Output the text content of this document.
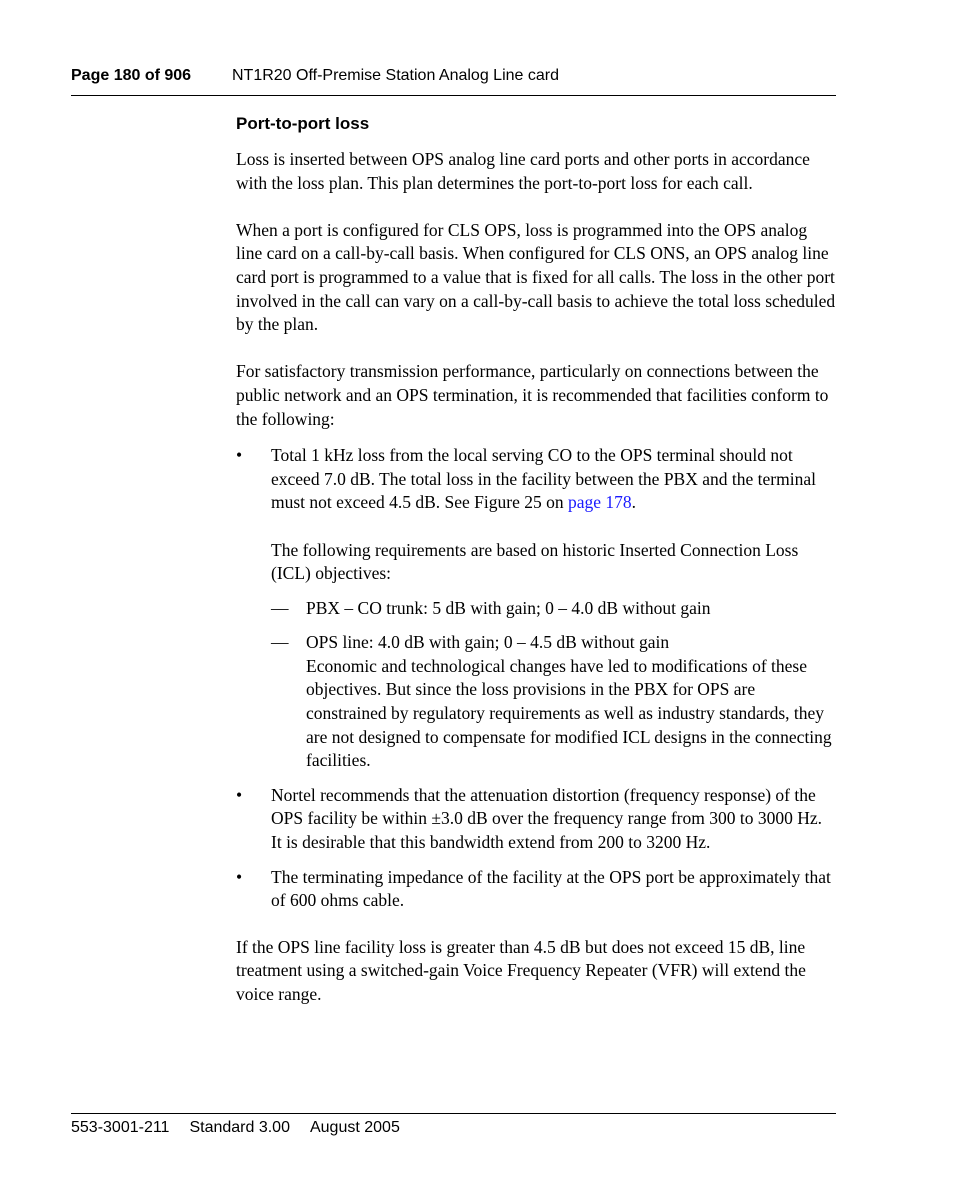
Page 180 of 906	NT1R20 Off-Premise Station Analog Line card
Port-to-port loss

Loss is inserted between OPS analog line card ports and other ports in accordance with the loss plan. This plan determines the port-to-port loss for each call.

When a port is configured for CLS OPS, loss is programmed into the OPS analog line card on a call-by-call basis. When configured for CLS ONS, an OPS analog line card port is programmed to a value that is fixed for all calls. The loss in the other port involved in the call can vary on a call-by-call basis to achieve the total loss scheduled by the plan.

For satisfactory transmission performance, particularly on connections between the public network and an OPS termination, it is recommended that facilities conform to the following:

• Total 1 kHz loss from the local serving CO to the OPS terminal should not exceed 7.0 dB. The total loss in the facility between the PBX and the terminal must not exceed 4.5 dB. See Figure 25 on page 178.

The following requirements are based on historic Inserted Connection Loss (ICL) objectives:

— PBX – CO trunk: 5 dB with gain; 0 – 4.0 dB without gain

— OPS line: 4.0 dB with gain; 0 – 4.5 dB without gain

Economic and technological changes have led to modifications of these objectives. But since the loss provisions in the PBX for OPS are constrained by regulatory requirements as well as industry standards, they are not designed to compensate for modified ICL designs in the connecting facilities.

• Nortel recommends that the attenuation distortion (frequency response) of the OPS facility be within ±3.0 dB over the frequency range from 300 to 3000 Hz. It is desirable that this bandwidth extend from 200 to 3200 Hz.

• The terminating impedance of the facility at the OPS port be approximately that of 600 ohms cable.

If the OPS line facility loss is greater than 4.5 dB but does not exceed 15 dB, line treatment using a switched-gain Voice Frequency Repeater (VFR) will extend the voice range.

553-3001-211 Standard 3.00 August 2005
